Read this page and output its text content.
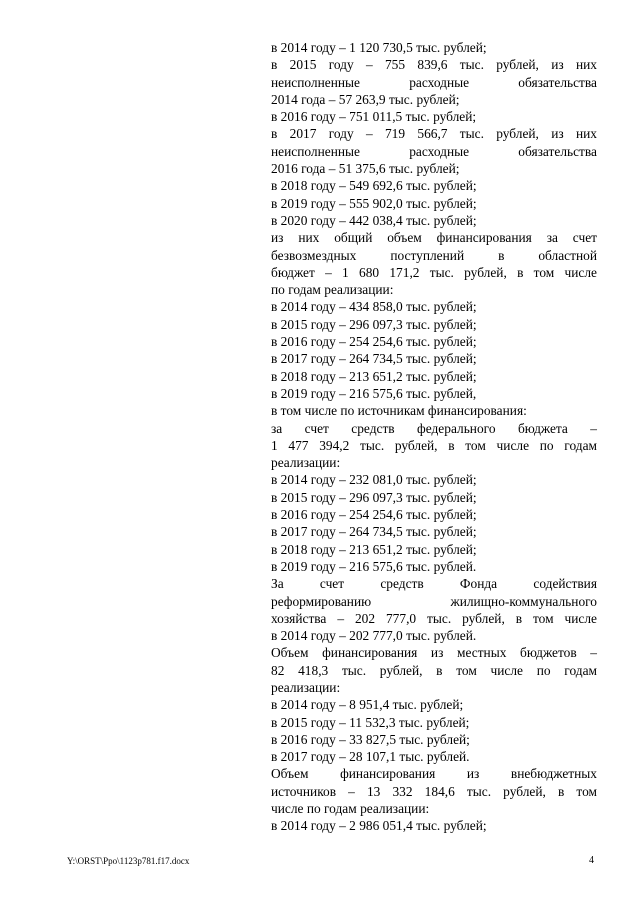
в 2014 году – 1 120 730,5 тыс. рублей;
в 2015 году – 755 839,6 тыс. рублей, из них
неисполненные расходные обязательства
2014 года – 57 263,9 тыс. рублей;
в 2016 году – 751 011,5 тыс. рублей;
в 2017 году – 719 566,7 тыс. рублей, из них
неисполненные расходные обязательства
2016 года – 51 375,6 тыс. рублей;
в 2018 году – 549 692,6 тыс. рублей;
в 2019 году – 555 902,0 тыс. рублей;
в 2020 году – 442 038,4 тыс. рублей;
из них общий объем финансирования за счет
безвозмездных поступлений в областной
бюджет – 1 680 171,2 тыс. рублей, в том числе
по годам реализации:
в 2014 году – 434 858,0 тыс. рублей;
в 2015 году – 296 097,3 тыс. рублей;
в 2016 году – 254 254,6 тыс. рублей;
в 2017 году – 264 734,5 тыс. рублей;
в 2018 году – 213 651,2 тыс. рублей;
в 2019 году – 216 575,6 тыс. рублей,
в том числе по источникам финансирования:
за счет средств федерального бюджета –
1 477 394,2 тыс. рублей, в том числе по годам
реализации:
в 2014 году – 232 081,0 тыс. рублей;
в 2015 году – 296 097,3 тыс. рублей;
в 2016 году – 254 254,6 тыс. рублей;
в 2017 году – 264 734,5 тыс. рублей;
в 2018 году – 213 651,2 тыс. рублей;
в 2019 году – 216 575,6 тыс. рублей.
За счет средств Фонда содействия
реформированию жилищно-коммунального
хозяйства – 202 777,0 тыс. рублей, в том числе
в 2014 году – 202 777,0 тыс. рублей.
Объем финансирования из местных бюджетов –
82 418,3 тыс. рублей, в том числе по годам
реализации:
в 2014 году – 8 951,4 тыс. рублей;
в 2015 году – 11 532,3 тыс. рублей;
в 2016 году – 33 827,5 тыс. рублей;
в 2017 году – 28 107,1 тыс. рублей.
Объем финансирования из внебюджетных
источников – 13 332 184,6 тыс. рублей, в том
числе по годам реализации:
в 2014 году – 2 986 051,4 тыс. рублей;
Y:\ORST\Ppo\1123p781.f17.docx	4
